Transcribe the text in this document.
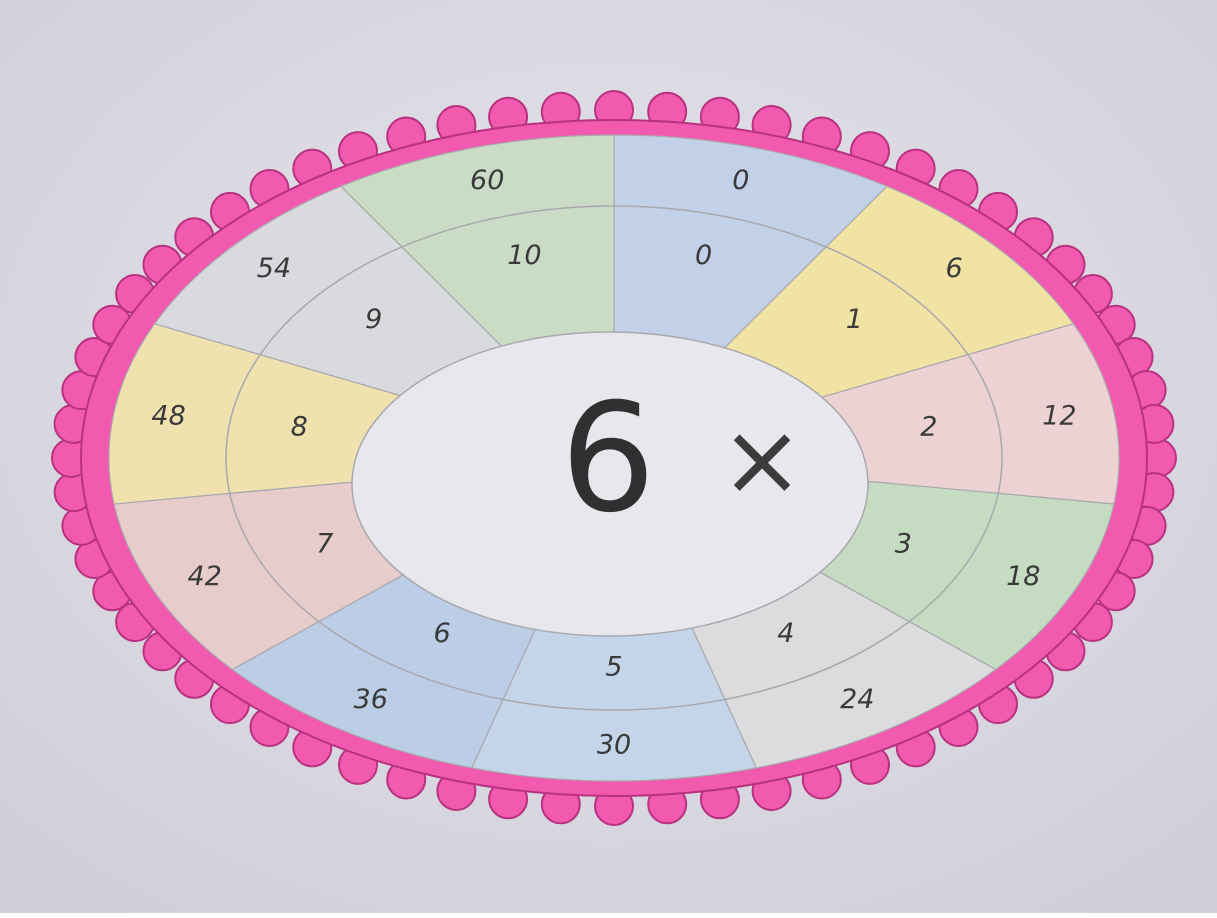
0
0	6
1
12
2
18
3
24
4
30
5
36
6
42
7
48	8
54
9
60
10
6 ×
